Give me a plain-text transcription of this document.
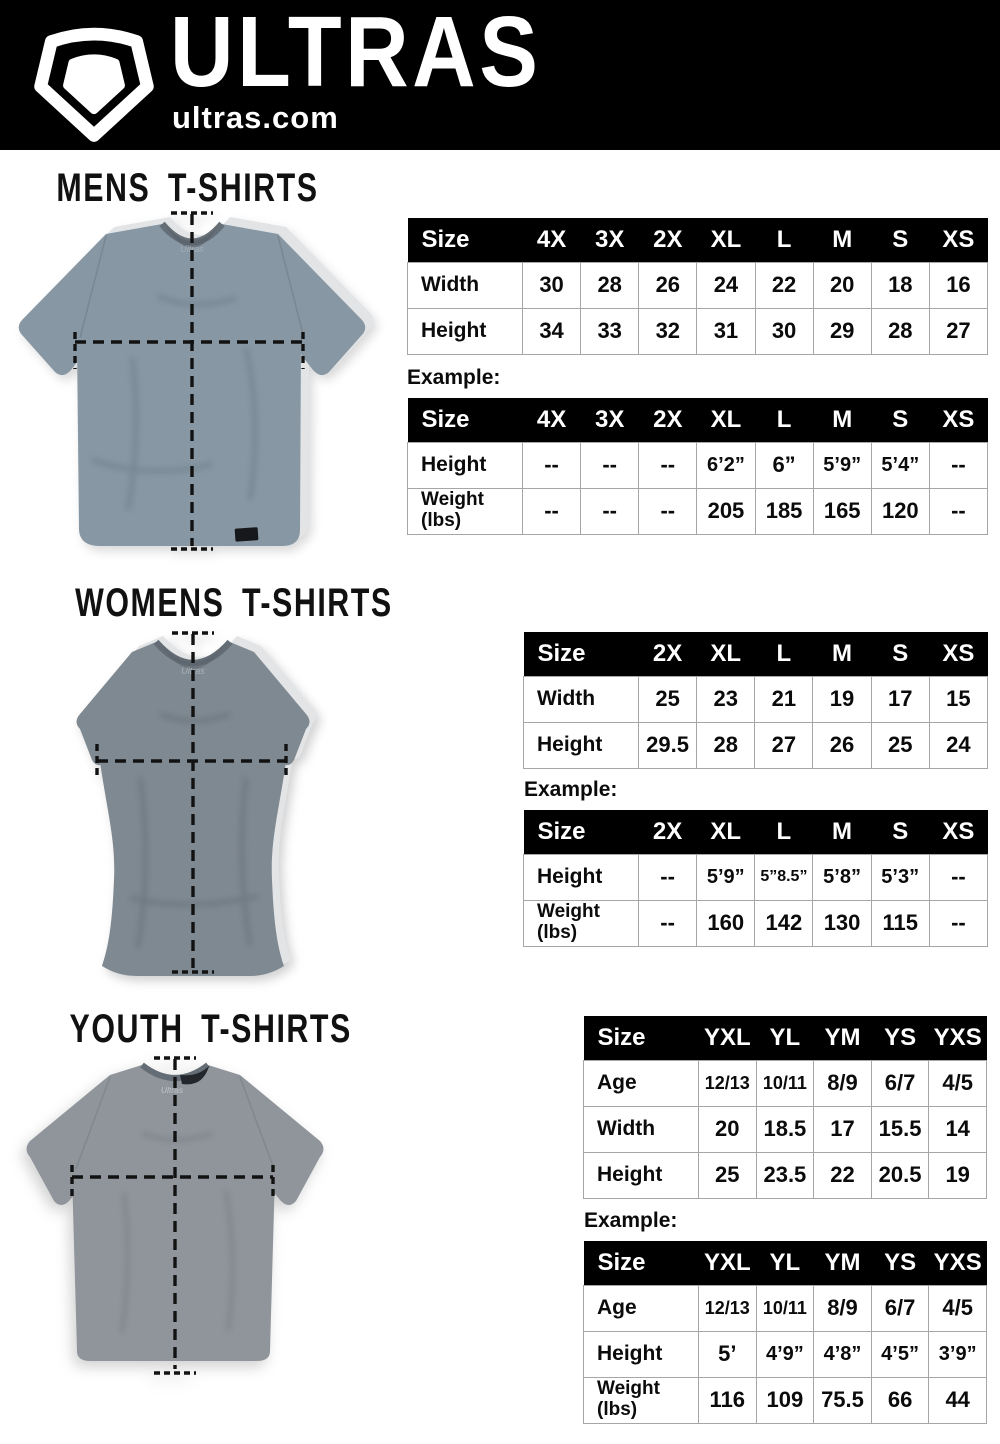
ULTRAS
ultras.com
MENS T-SHIRTS
Ultras	Size	4X	3X	2X	XL	L	M	S	XS
Width	30	28	26	24	22	20	18	16
Height	34	33	32	31	30	29	28	27
Example:
Size	4X	3X	2X	XL	L	M	S	XS
Height	--	--	--	6’2”	6”	5’9”	5’4”	--
Weight (lbs)	--	--	--	205	185	165	120	--
WOMENS T-SHIRTS
Ultras
Size	2X	XL	L	M	S	XS
Width	25	23	21	19	17	15
Height	29.5	28	27	26	25	24
Example:
Size	2X	XL	L	M	S	XS
Height	--	5’9”	5”8.5”	5’8”	5’3”	--
Weight (lbs)	--	160	142	130	115	--
YOUTH T-SHIRTS
Ultras
Size	YXL	YL	YM	YS	YXS
Age	12/13	10/11	8/9	6/7	4/5
Width	20	18.5	17	15.5	14
Height	25	23.5	22	20.5	19
Example:
Size	YXL	YL	YM	YS	YXS
Age	12/13	10/11	8/9	6/7	4/5
Height	5’	4’9”	4’8”	4’5”	3’9”
Weight (lbs)	116	109	75.5	66	44
